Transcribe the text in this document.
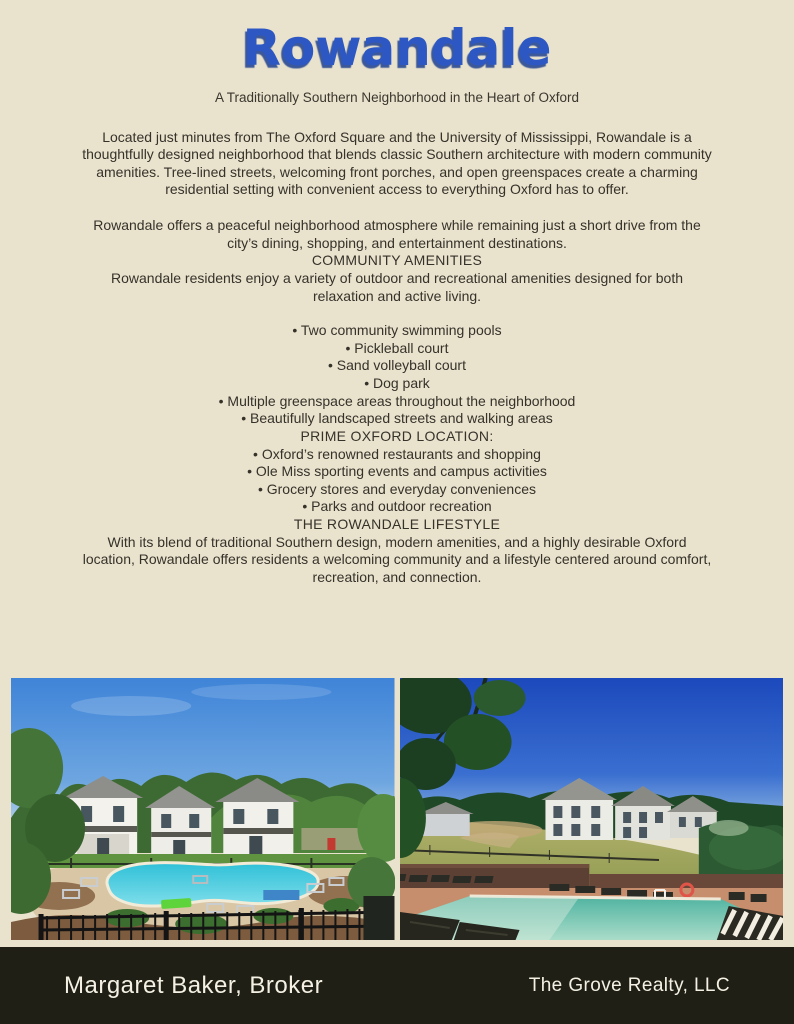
Rowandale
A Traditionally Southern Neighborhood in the Heart of Oxford

Located just minutes from The Oxford Square and the University of Mississippi, Rowandale is a thoughtfully designed neighborhood that blends classic Southern architecture with modern community amenities. Tree-lined streets, welcoming front porches, and open greenspaces create a charming residential setting with convenient access to everything Oxford has to offer.

Rowandale offers a peaceful neighborhood atmosphere while remaining just a short drive from the city’s dining, shopping, and entertainment destinations.

COMMUNITY AMENITIES

Rowandale residents enjoy a variety of outdoor and recreational amenities designed for both relaxation and active living.

• Two community swimming pools
• Pickleball court
• Sand volleyball court
• Dog park
• Multiple greenspace areas throughout the neighborhood
• Beautifully landscaped streets and walking areas

PRIME OXFORD LOCATION:

• Oxford’s renowned restaurants and shopping
• Ole Miss sporting events and campus activities
• Grocery stores and everyday conveniences
• Parks and outdoor recreation

THE ROWANDALE LIFESTYLE

With its blend of traditional Southern design, modern amenities, and a highly desirable Oxford location, Rowandale offers residents a welcoming community and a lifestyle centered around comfort, recreation, and connection.

Margaret Baker, Broker	The Grove Realty, LLC
